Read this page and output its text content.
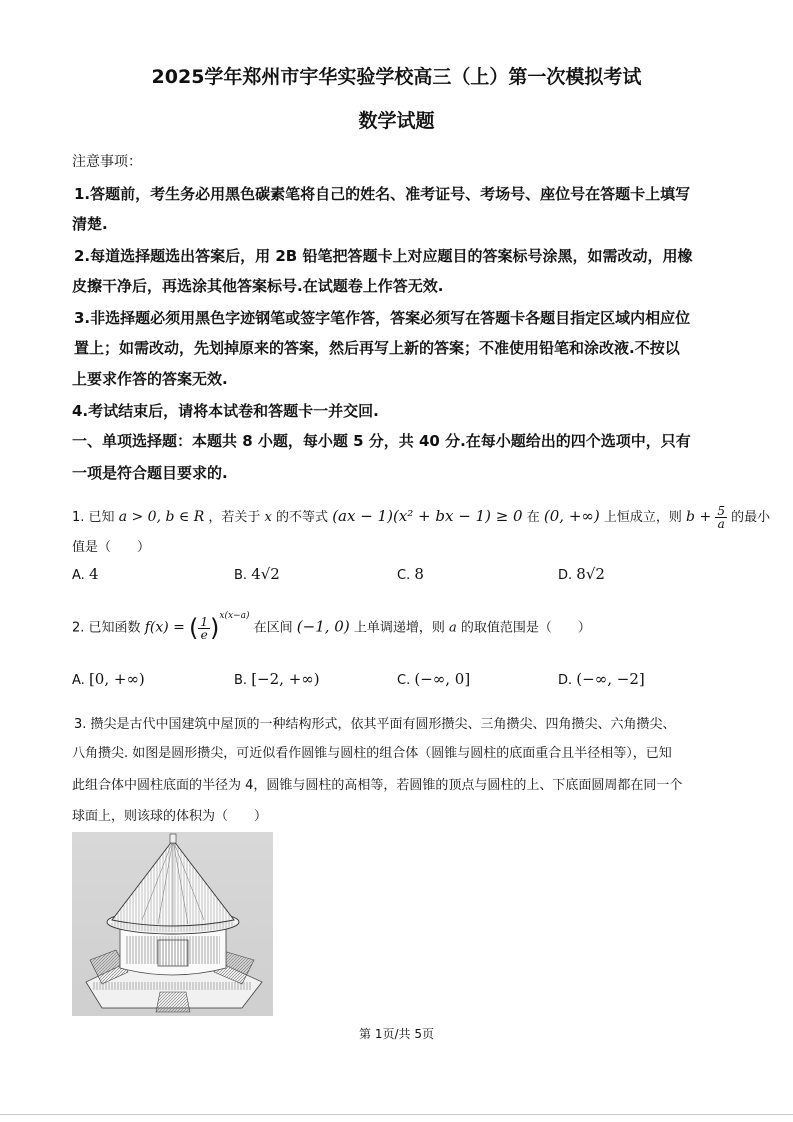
2025学年郑州市宇华实验学校高三（上）第一次模拟考试
数学试题
注意事项：
1.答题前，考生务必用黑色碳素笔将自己的姓名、准考证号、考场号、座位号在答题卡上填写
清楚.
2.每道选择题选出答案后，用 2B 铅笔把答题卡上对应题目的答案标号涂黑，如需改动，用橡
皮擦干净后，再选涂其他答案标号.在试题卷上作答无效.
3.非选择题必须用黑色字迹钢笔或签字笔作答，答案必须写在答题卡各题目指定区域内相应位
置上；如需改动，先划掉原来的答案，然后再写上新的答案；不准使用铅笔和涂改液.不按以
上要求作答的答案无效.
4.考试结束后，请将本试卷和答题卡一并交回.
一、单项选择题：本题共 8 小题，每小题 5 分，共 40 分.在每小题给出的四个选项中，只有
一项是符合题目要求的.
1. 已知 a > 0, b ∈ R ，若关于 x 的不等式 (ax − 1)(x² + bx − 1) ≥ 0 在 (0, +∞) 上恒成立，则 $b + \frac{5}{a}$ 的最小
值是（　　）
A. 4	B. 4√2	C. 8	D. 8√2
2. 已知函数 f(x) = ( $\frac{1}{e} )^{x(x-a)}$ 在区间 (−1, 0) 上单调递增，则 a 的取值范围是（　　）
A. [0, +∞)	B. [−2, +∞)	C. (−∞, 0]	D. (−∞, −2]
3. 攒尖是古代中国建筑中屋顶的一种结构形式，依其平面有圆形攒尖、三角攒尖、四角攒尖、六角攒尖、
八角攒尖. 如图是圆形攒尖，可近似看作圆锥与圆柱的组合体（圆锥与圆柱的底面重合且半径相等），已知
此组合体中圆柱底面的半径为 4，圆锥与圆柱的高相等，若圆锥的顶点与圆柱的上、下底面圆周都在同一个
球面上，则该球的体积为（　　）
第 1页/共 5页
